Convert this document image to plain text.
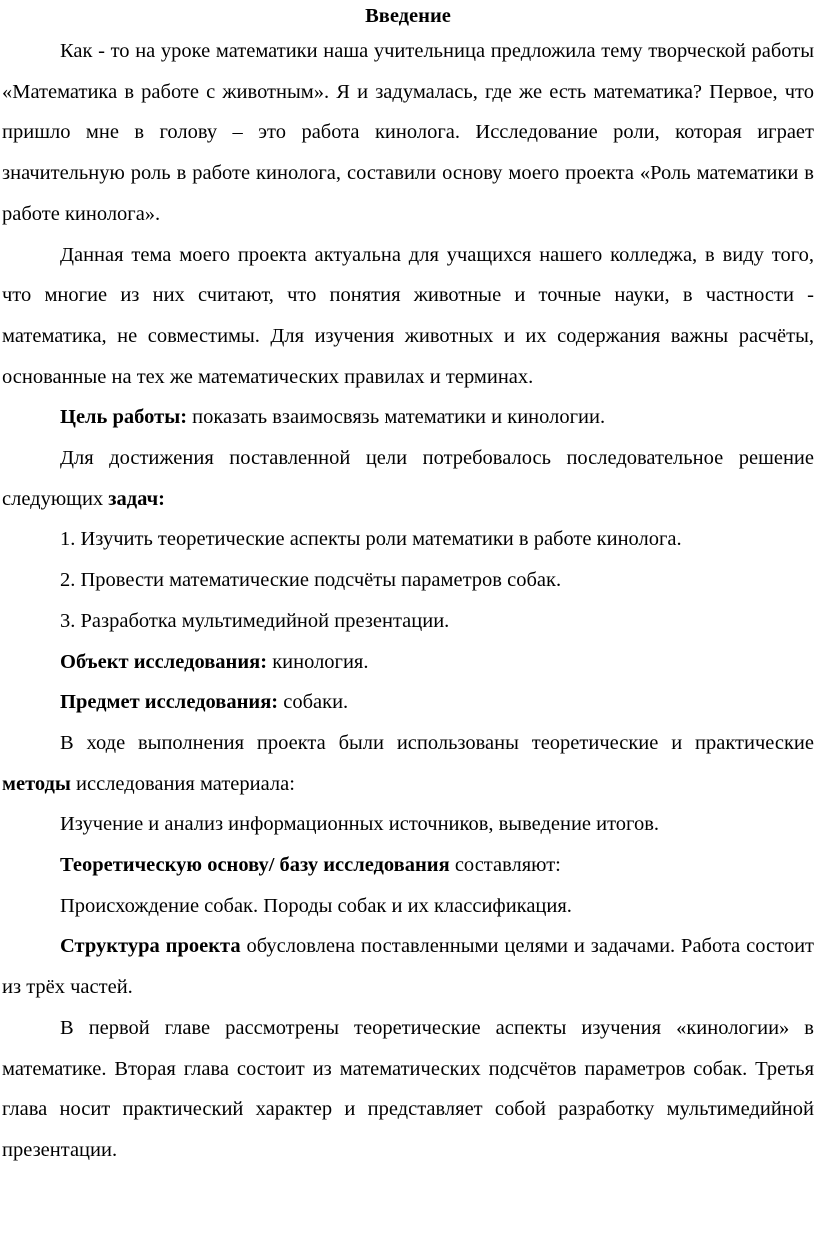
Введение

Как - то на уроке математики наша учительница предложила тему творческой работы «Математика в работе с животным». Я и задумалась, где же есть математика? Первое, что пришло мне в голову – это работа кинолога. Исследование роли, которая играет значительную роль в работе кинолога, составили основу моего проекта «Роль математики в работе кинолога».

Данная тема моего проекта актуальна для учащихся нашего колледжа, в виду того, что многие из них считают, что понятия животные и точные науки, в частности - математика, не совместимы. Для изучения животных и их содержания важны расчёты, основанные на тех же математических правилах и терминах.

Цель работы: показать взаимосвязь математики и кинологии.

Для достижения поставленной цели потребовалось последовательное решение следующих задач:

1. Изучить теоретические аспекты роли математики в работе кинолога.

2. Провести математические подсчёты параметров собак.

3. Разработка мультимедийной презентации.

Объект исследования: кинология.

Предмет исследования: собаки.

В ходе выполнения проекта были использованы теоретические и практические методы исследования материала:

Изучение и анализ информационных источников, выведение итогов.

Теоретическую основу/ базу исследования составляют:

Происхождение собак. Породы собак и их классификация.

Структура проекта обусловлена поставленными целями и задачами. Работа состоит из трёх частей.

В первой главе рассмотрены теоретические аспекты изучения «кинологии» в математике. Вторая глава состоит из математических подсчётов параметров собак. Третья глава носит практический характер и представляет собой разработку мультимедийной презентации.
